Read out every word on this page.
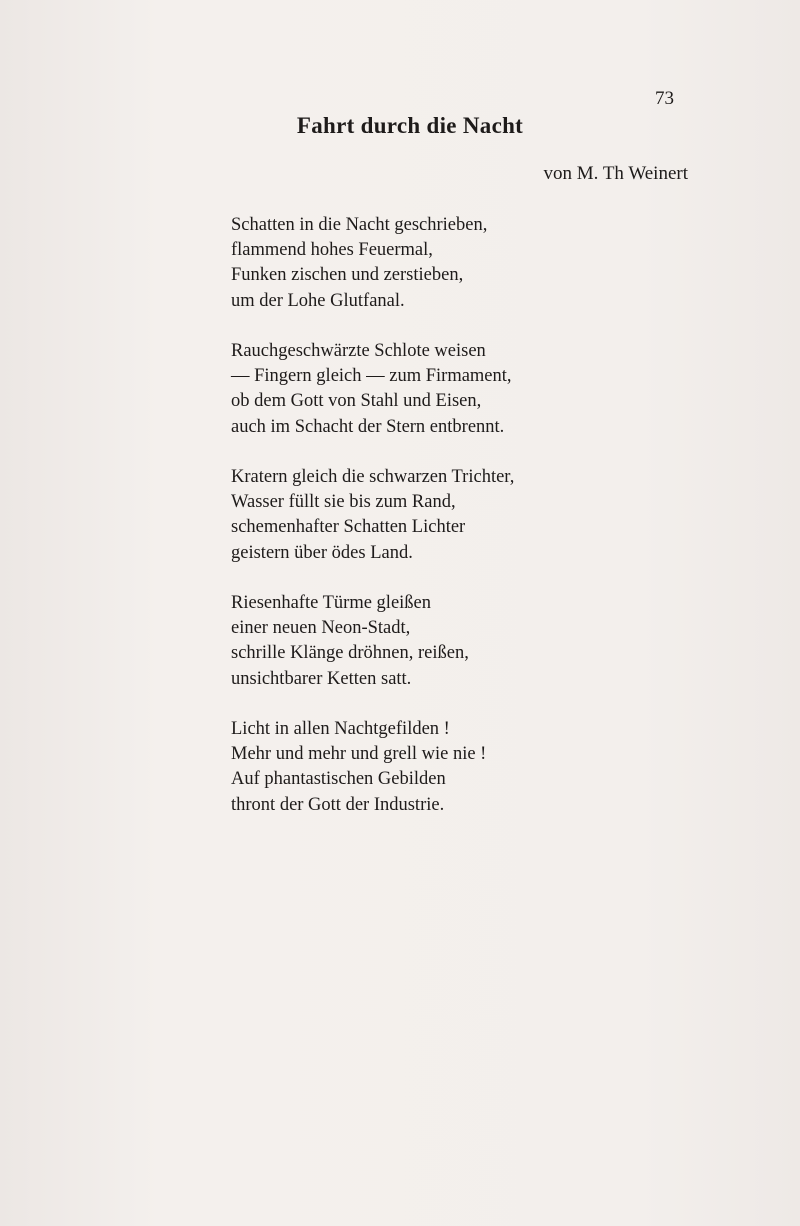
73
Fahrt durch die Nacht
von M. Th Weinert
Schatten in die Nacht geschrieben,
flammend hohes Feuermal,
Funken zischen und zerstieben,
um der Lohe Glutfanal.
Rauchgeschwärzte Schlote weisen
— Fingern gleich — zum Firmament,
ob dem Gott von Stahl und Eisen,
auch im Schacht der Stern entbrennt.
Kratern gleich die schwarzen Trichter,
Wasser füllt sie bis zum Rand,
schemenhafter Schatten Lichter
geistern über ödes Land.
Riesenhafte Türme gleißen
einer neuen Neon-Stadt,
schrille Klänge dröhnen, reißen,
unsichtbarer Ketten satt.
Licht in allen Nachtgefilden !
Mehr und mehr und grell wie nie !
Auf phantastischen Gebilden
thront der Gott der Industrie.
